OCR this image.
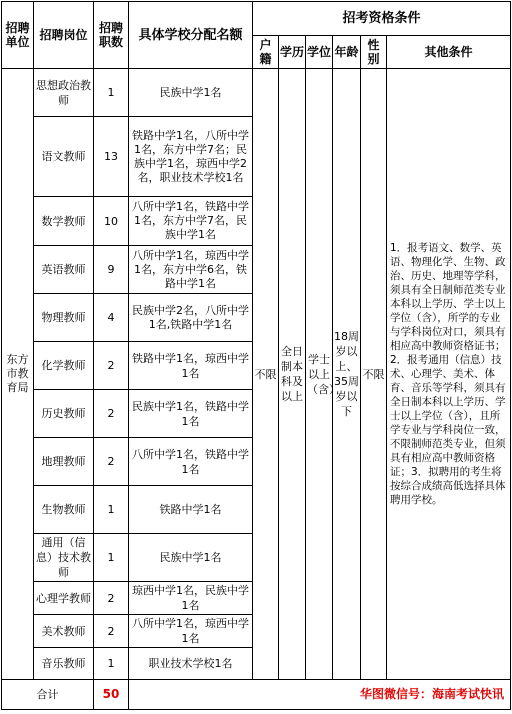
招聘单位	招聘岗位	招聘职数	具体学校分配名额	招考资格条件					
				户籍	学历	学位	年龄	性别	其他条件
东方市教育局	思想政治教师	1	民族中学1名	不限	全日制本科及以上	学士以上（含）	18周岁以上、35周岁以下	不限	1．报考语文、数学、英语、物理化学、生物、政治、历史、地理等学科，须具有全日制师范类专业本科以上学历、学士以上学位（含），所学的专业与学科岗位对口，须具有相应高中教师资格证书；2．报考通用（信息）技术、心理学、美术、体育、音乐等学科，须具有全日制本科以上学历、学士以上学位（含），且所学专业与学科岗位一致，不限制师范类专业，但须具有相应高中教师资格证；3．拟聘用的考生将按综合成绩高低选择具体聘用学校。
	语文教师	13	铁路中学1名，八所中学1名，东方中学7名；民族中学1名，琼西中学2名，职业技术学校1名						
	数学教师	10	八所中学1名，铁路中学1名，东方中学7名，民族中学1名						
	英语教师	9	八所中学1名，琼西中学1名，东方中学6名，铁路中学1名						
	物理教师	4	民族中学2名，八所中学1名,铁路中学1名						
	化学教师	2	铁路中学1名，琼西中学1名						
	历史教师	2	民族中学1名，铁路中学1名						
	地理教师	2	八所中学1名，铁路中学1名						
	生物教师	1	铁路中学1名						
	通用（信息）技术教师	1	民族中学1名						
	心理学教师	2	琼西中学1名，民族中学1名						
	美术教师	2	八所中学1名，琼西中学1名						
	音乐教师	1	职业技术学校1名						
合计		50		华图微信号：海南考试快讯					
